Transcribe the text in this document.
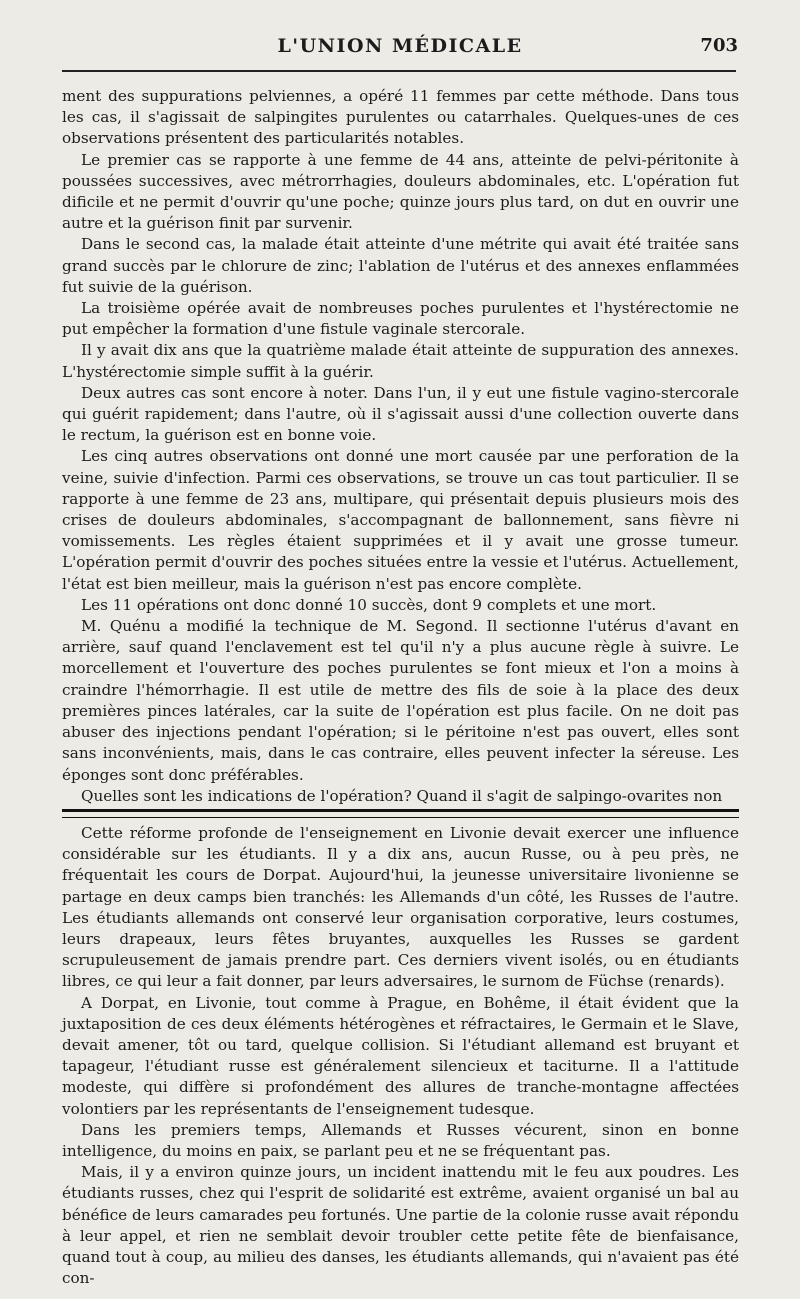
L'UNION MÉDICALE	703

ment des suppurations pelviennes, a opéré 11 femmes par cette méthode. Dans tous les cas, il s'agissait de salpingites purulentes ou catarrhales. Quelques-unes de ces observations présentent des particularités notables.

Le premier cas se rapporte à une femme de 44 ans, atteinte de pelvi-péritonite à poussées successives, avec métrorrhagies, douleurs abdominales, etc. L'opération fut dificile et ne permit d'ouvrir qu'une poche; quinze jours plus tard, on dut en ouvrir une autre et la guérison finit par survenir.

Dans le second cas, la malade était atteinte d'une métrite qui avait été traitée sans grand succès par le chlorure de zinc; l'ablation de l'utérus et des annexes enflammées fut suivie de la guérison.

La troisième opérée avait de nombreuses poches purulentes et l'hystérectomie ne put empêcher la formation d'une fistule vaginale stercorale.

Il y avait dix ans que la quatrième malade était atteinte de suppuration des annexes. L'hystérectomie simple suffit à la guérir.

Deux autres cas sont encore à noter. Dans l'un, il y eut une fistule vagino-stercorale qui guérit rapidement; dans l'autre, où il s'agissait aussi d'une collection ouverte dans le rectum, la guérison est en bonne voie.

Les cinq autres observations ont donné une mort causée par une perforation de la veine, suivie d'infection. Parmi ces observations, se trouve un cas tout particulier. Il se rapporte à une femme de 23 ans, multipare, qui présentait depuis plusieurs mois des crises de douleurs abdominales, s'accompagnant de ballonnement, sans fièvre ni vomissements. Les règles étaient supprimées et il y avait une grosse tumeur. L'opération permit d'ouvrir des poches situées entre la vessie et l'utérus. Actuellement, l'état est bien meilleur, mais la guérison n'est pas encore complète.

Les 11 opérations ont donc donné 10 succès, dont 9 complets et une mort.

M. Quénu a modifié la technique de M. Segond. Il sectionne l'utérus d'avant en arrière, sauf quand l'enclavement est tel qu'il n'y a plus aucune règle à suivre. Le morcellement et l'ouverture des poches purulentes se font mieux et l'on a moins à craindre l'hémorrhagie. Il est utile de mettre des fils de soie à la place des deux premières pinces latérales, car la suite de l'opération est plus facile. On ne doit pas abuser des injections pendant l'opération; si le péritoine n'est pas ouvert, elles sont sans inconvénients, mais, dans le cas contraire, elles peuvent infecter la séreuse. Les éponges sont donc préférables.

Quelles sont les indications de l'opération? Quand il s'agit de salpingo-ovarites non

Cette réforme profonde de l'enseignement en Livonie devait exercer une influence considérable sur les étudiants. Il y a dix ans, aucun Russe, ou à peu près, ne fréquentait les cours de Dorpat. Aujourd'hui, la jeunesse universitaire livonienne se partage en deux camps bien tranchés: les Allemands d'un côté, les Russes de l'autre. Les étudiants allemands ont conservé leur organisation corporative, leurs costumes, leurs drapeaux, leurs fêtes bruyantes, auxquelles les Russes se gardent scrupuleusement de jamais prendre part. Ces derniers vivent isolés, ou en étudiants libres, ce qui leur a fait donner, par leurs adversaires, le surnom de Füchse (renards).

A Dorpat, en Livonie, tout comme à Prague, en Bohême, il était évident que la juxtaposition de ces deux éléments hétérogènes et réfractaires, le Germain et le Slave, devait amener, tôt ou tard, quelque collision. Si l'étudiant allemand est bruyant et tapageur, l'étudiant russe est généralement silencieux et taciturne. Il a l'attitude modeste, qui diffère si profondément des allures de tranche-montagne affectées volontiers par les représentants de l'enseignement tudesque.

Dans les premiers temps, Allemands et Russes vécurent, sinon en bonne intelligence, du moins en paix, se parlant peu et ne se fréquentant pas.

Mais, il y a environ quinze jours, un incident inattendu mit le feu aux poudres. Les étudiants russes, chez qui l'esprit de solidarité est extrême, avaient organisé un bal au bénéfice de leurs camarades peu fortunés. Une partie de la colonie russe avait répondu à leur appel, et rien ne semblait devoir troubler cette petite fête de bienfaisance, quand tout à coup, au milieu des danses, les étudiants allemands, qui n'avaient pas été con-
